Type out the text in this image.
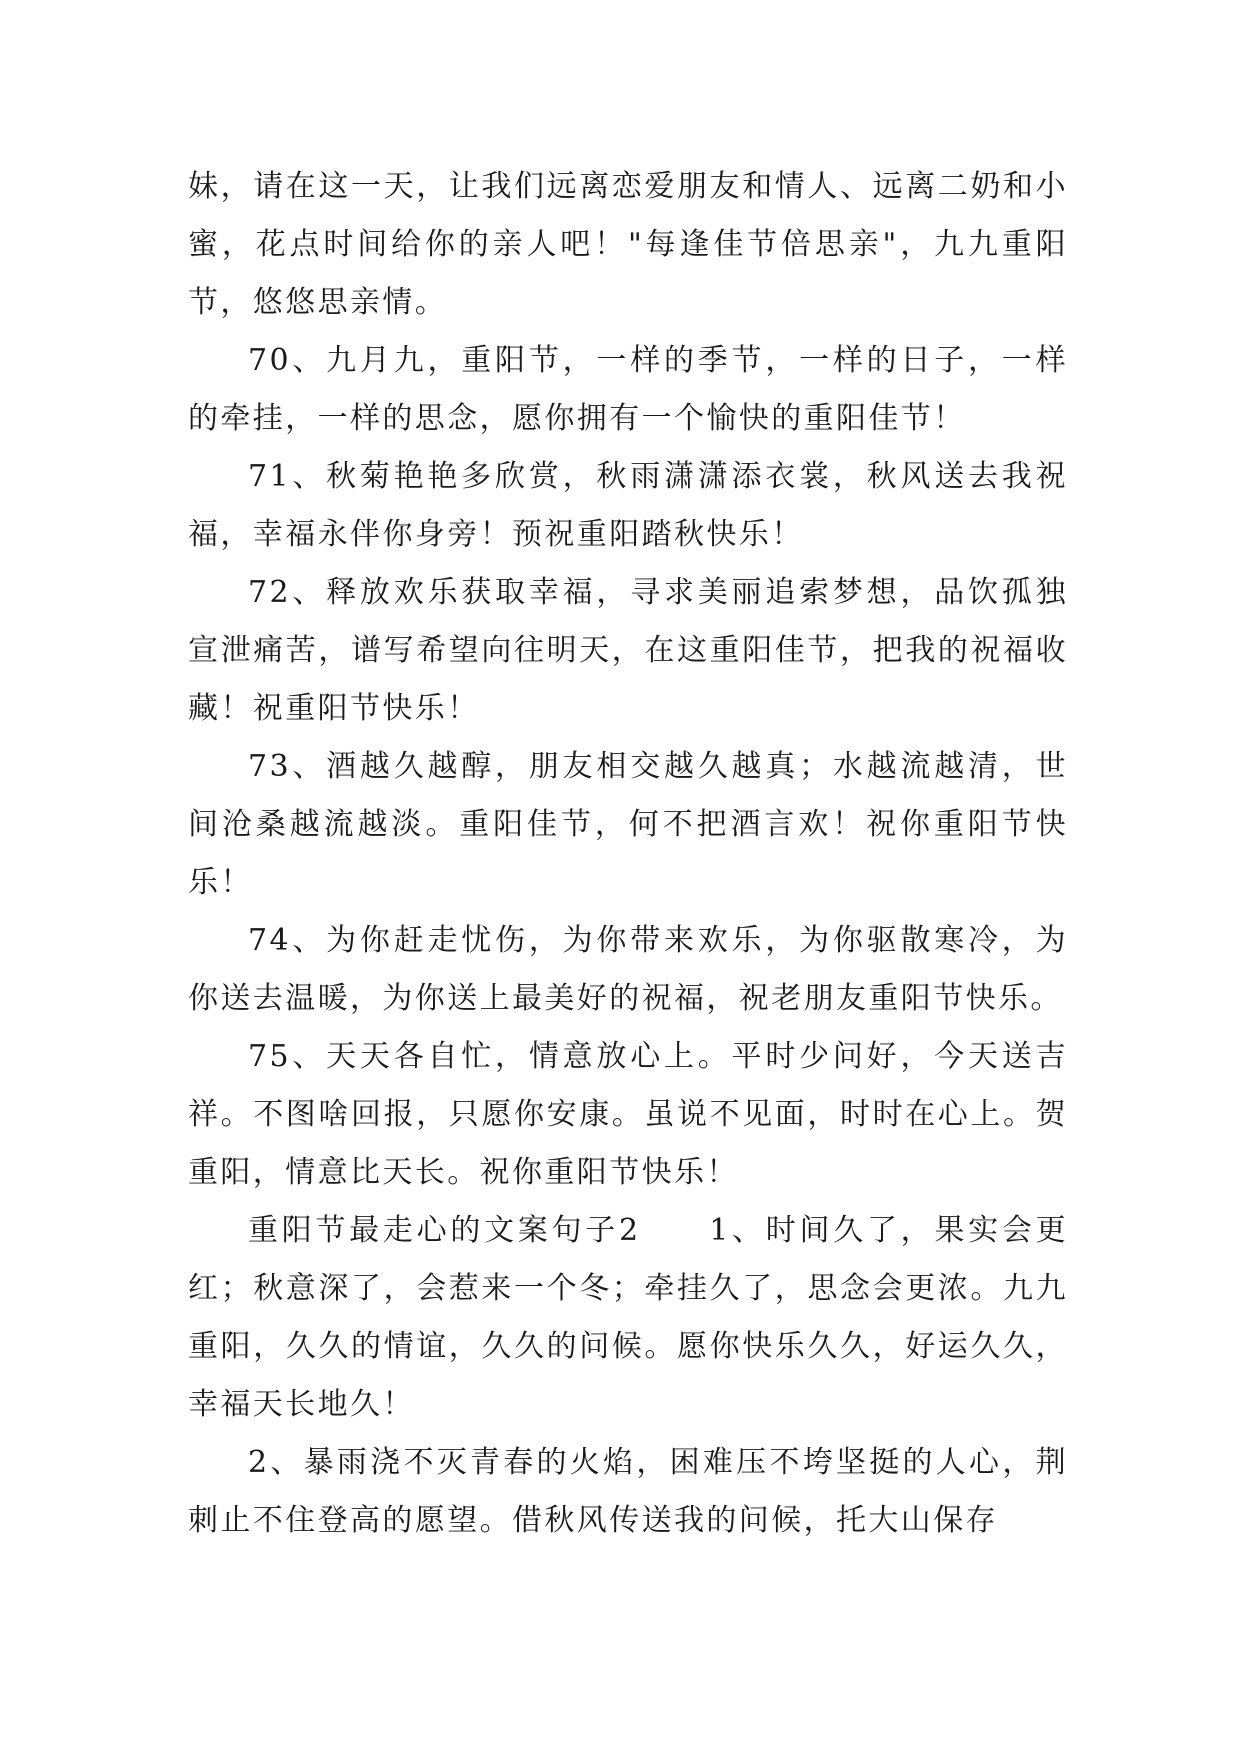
妹，请在这一天，让我们远离恋爱朋友和情人、远离二奶和小蜜，花点时间给你的亲人吧！"每逢佳节倍思亲"，九九重阳节，悠悠思亲情。

70、九月九，重阳节，一样的季节，一样的日子，一样的牵挂，一样的思念，愿你拥有一个愉快的重阳佳节！

71、秋菊艳艳多欣赏，秋雨潇潇添衣裳，秋风送去我祝福，幸福永伴你身旁！预祝重阳踏秋快乐！

72、释放欢乐获取幸福，寻求美丽追索梦想，品饮孤独宣泄痛苦，谱写希望向往明天，在这重阳佳节，把我的祝福收藏！祝重阳节快乐！

73、酒越久越醇，朋友相交越久越真；水越流越清，世间沧桑越流越淡。重阳佳节，何不把酒言欢！祝你重阳节快乐！

74、为你赶走忧伤，为你带来欢乐，为你驱散寒冷，为你送去温暖，为你送上最美好的祝福，祝老朋友重阳节快乐。

75、天天各自忙，情意放心上。平时少问好，今天送吉祥。不图啥回报，只愿你安康。虽说不见面，时时在心上。贺重阳，情意比天长。祝你重阳节快乐！

重阳节最走心的文案句子2　　1、时间久了，果实会更红；秋意深了，会惹来一个冬；牵挂久了，思念会更浓。九九重阳，久久的情谊，久久的问候。愿你快乐久久，好运久久，幸福天长地久！

2、暴雨浇不灭青春的火焰，困难压不垮坚挺的人心，荆刺止不住登高的愿望。借秋风传送我的问候，托大山保存
